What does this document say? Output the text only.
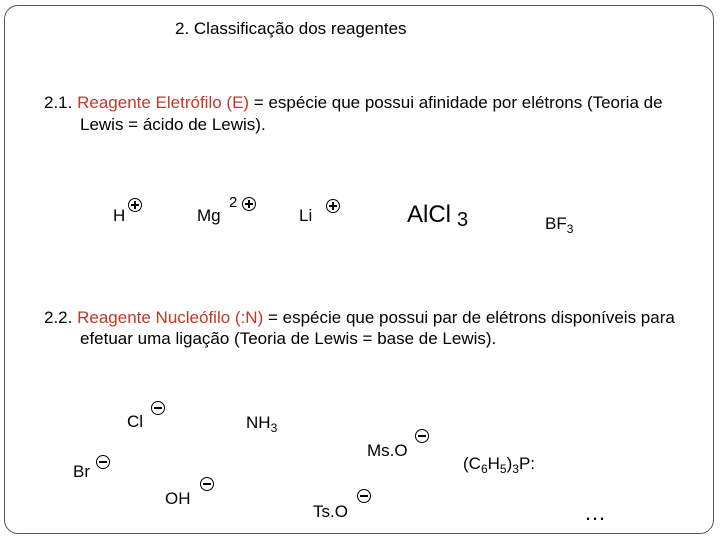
2. Classificação dos reagentes
2.1. Reagente Eletrófilo (E) = espécie que possui afinidade por elétrons (Teoria de
Lewis = ácido de Lewis).
H	Mg
2
Li	AlCl 3	$BF_3$
2.2. Reagente Nucleófilo (:N) = espécie que possui par de elétrons disponíveis para
efetuar uma ligação (Teoria de Lewis = base de Lewis).
Cl	$NH_3$
Ms.O
$(C_6H_5)_3P$:
Br
OH
Ts.O	…
